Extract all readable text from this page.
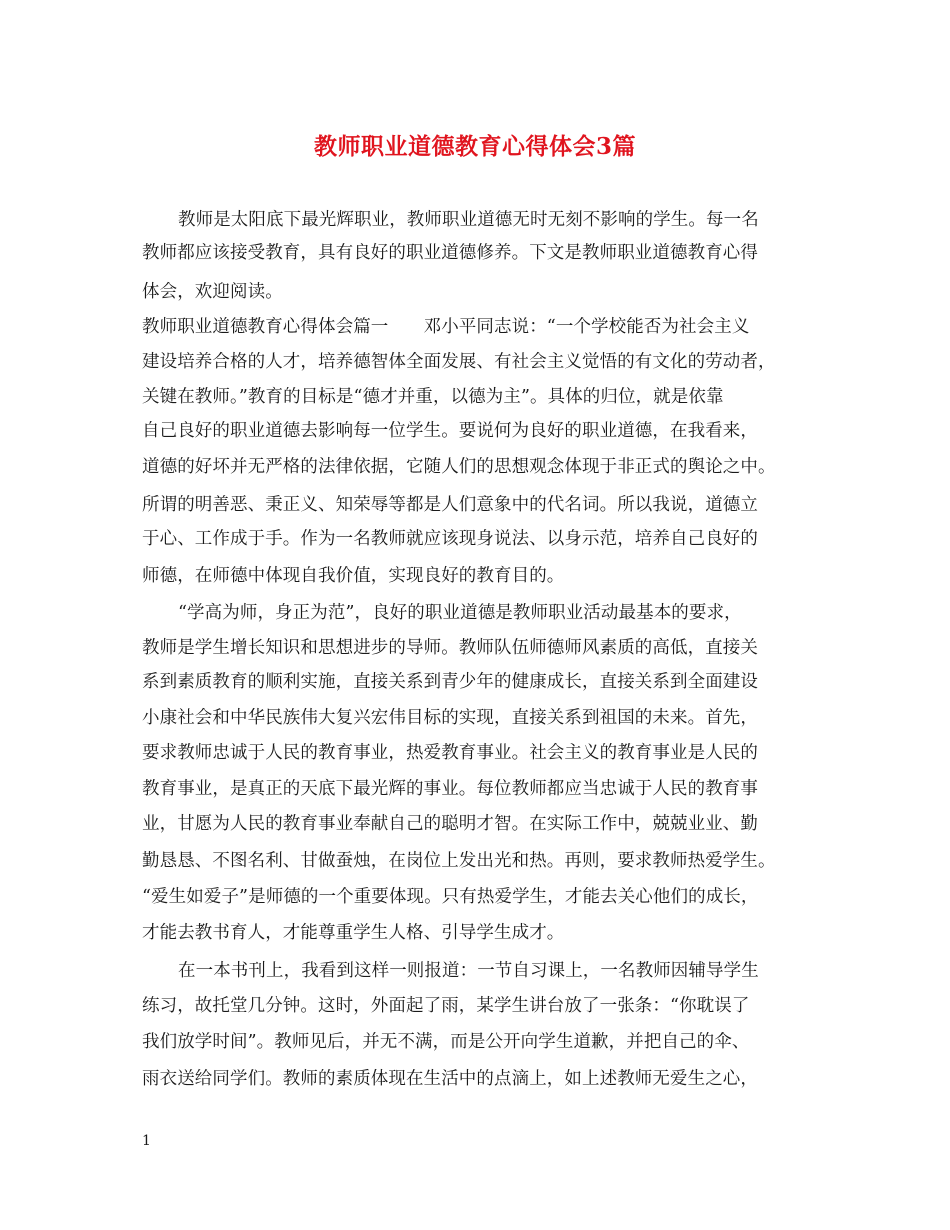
教师职业道德教育心得体会3篇

教师是太阳底下最光辉职业，教师职业道德无时无刻不影响的学生。每一名

教师都应该接受教育，具有良好的职业道德修养。下文是教师职业道德教育心得

体会，欢迎阅读。

教师职业道德教育心得体会篇一　　邓小平同志说：“一个学校能否为社会主义

建设培养合格的人才，培养德智体全面发展、有社会主义觉悟的有文化的劳动者，

关键在教师。”教育的目标是“德才并重，以德为主”。具体的归位，就是依靠

自己良好的职业道德去影响每一位学生。要说何为良好的职业道德，在我看来，

道德的好坏并无严格的法律依据，它随人们的思想观念体现于非正式的舆论之中。

所谓的明善恶、秉正义、知荣辱等都是人们意象中的代名词。所以我说，道德立

于心、工作成于手。作为一名教师就应该现身说法、以身示范，培养自己良好的

师德，在师德中体现自我价值，实现良好的教育目的。

“学高为师，身正为范”，良好的职业道德是教师职业活动最基本的要求，

教师是学生增长知识和思想进步的导师。教师队伍师德师风素质的高低，直接关

系到素质教育的顺利实施，直接关系到青少年的健康成长，直接关系到全面建设

小康社会和中华民族伟大复兴宏伟目标的实现，直接关系到祖国的未来。首先，

要求教师忠诚于人民的教育事业，热爱教育事业。社会主义的教育事业是人民的

教育事业，是真正的天底下最光辉的事业。每位教师都应当忠诚于人民的教育事

业，甘愿为人民的教育事业奉献自己的聪明才智。在实际工作中，兢兢业业、勤

勤恳恳、不图名利、甘做蚕烛，在岗位上发出光和热。再则，要求教师热爱学生。

“爱生如爱子”是师德的一个重要体现。只有热爱学生，才能去关心他们的成长，

才能去教书育人，才能尊重学生人格、引导学生成才。

在一本书刊上，我看到这样一则报道：一节自习课上，一名教师因辅导学生

练习，故托堂几分钟。这时，外面起了雨，某学生讲台放了一张条：“你耽误了

我们放学时间”。教师见后，并无不满，而是公开向学生道歉，并把自己的伞、

雨衣送给同学们。教师的素质体现在生活中的点滴上，如上述教师无爱生之心，

1
